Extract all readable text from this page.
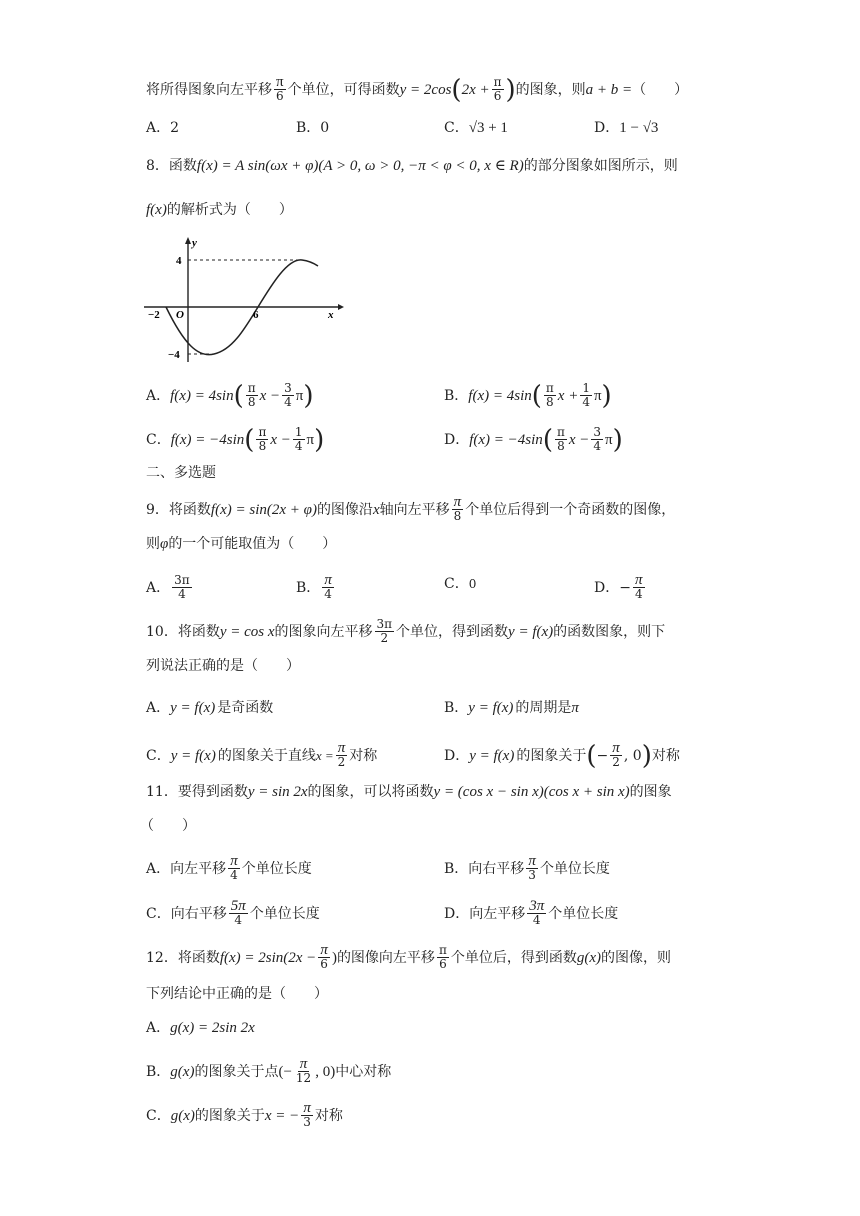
将所得图象向左平移 $\frac{\pi}{6}$ 个单位，可得函数 y = 2cos ( $2x + \frac{\pi}{6}$ ) 的图象，则 a + b = （　　）
A． 2	B． 0	C． √3 + 1	D． 1 − √3
8． 函数 f(x) = A sin(ωx + φ)(A > 0, ω > 0, −π < φ < 0, x ∈ R) 的部分图象如图所示，则
f(x) 的解析式为（　　）
y
x
O
4
−4
−2	6
A． f(x) = 4sin ( $\frac{\pi}{8}$ $x - \frac{3}{4}$ π )	B． f(x) = 4sin ( $\frac{\pi}{8}$ $x + \frac{1}{4}$ π )
C． f(x) = −4sin ( $\frac{\pi}{8}$ $x - \frac{1}{4}$ π )	D． f(x) = −4sin ( $\frac{\pi}{8}$ $x - \frac{3}{4}$ π )
二、多选题
9． 将函数 f(x) = sin(2x + φ) 的图像沿 x 轴向左平移 $\frac{\pi}{8}$ 个单位后得到一个奇函数的图像，
则 φ 的一个可能取值为（　　）
A． $\frac{3\pi}{4}$	B． $\frac{\pi}{4}$	C． 0	D． − $\frac{\pi}{4}$
10． 将函数 y = cos x 的图象向左平移 $\frac{3\pi}{2}$ 个单位，得到函数 y = f(x) 的函数图象，则下
列说法正确的是（　　）
A． y = f(x) 是奇函数	B． y = f(x) 的周期是 π
C． y = f(x) 的图象关于直线 $x = \frac{\pi}{2}$ 对称	D． y = f(x) 的图象关于 ( − $\frac{\pi}{2}$ , 0 ) 对称
11． 要得到函数 y = sin 2x 的图象，可以将函数 y = (cos x − sin x)(cos x + sin x) 的图象
（　　）
A． 向左平移 $\frac{\pi}{4}$ 个单位长度	B． 向右平移 $\frac{\pi}{3}$ 个单位长度
C． 向右平移 $\frac{5\pi}{4}$ 个单位长度	D． 向左平移 $\frac{3\pi}{4}$ 个单位长度
12． 将函数 $f(x) = 2\sin(2x - \frac{\pi}{6}$ ) 的图像向左平移 $\frac{\pi}{6}$ 个单位后，得到函数 g(x) 的图像，则
下列结论中正确的是（　　）
A． g(x) = 2sin 2x
B． g(x) 的图象关于点 (− $\frac{\pi}{12}$ , 0) 中心对称
C． g(x) 的图象关于 x = − $\frac{\pi}{3}$ 对称
